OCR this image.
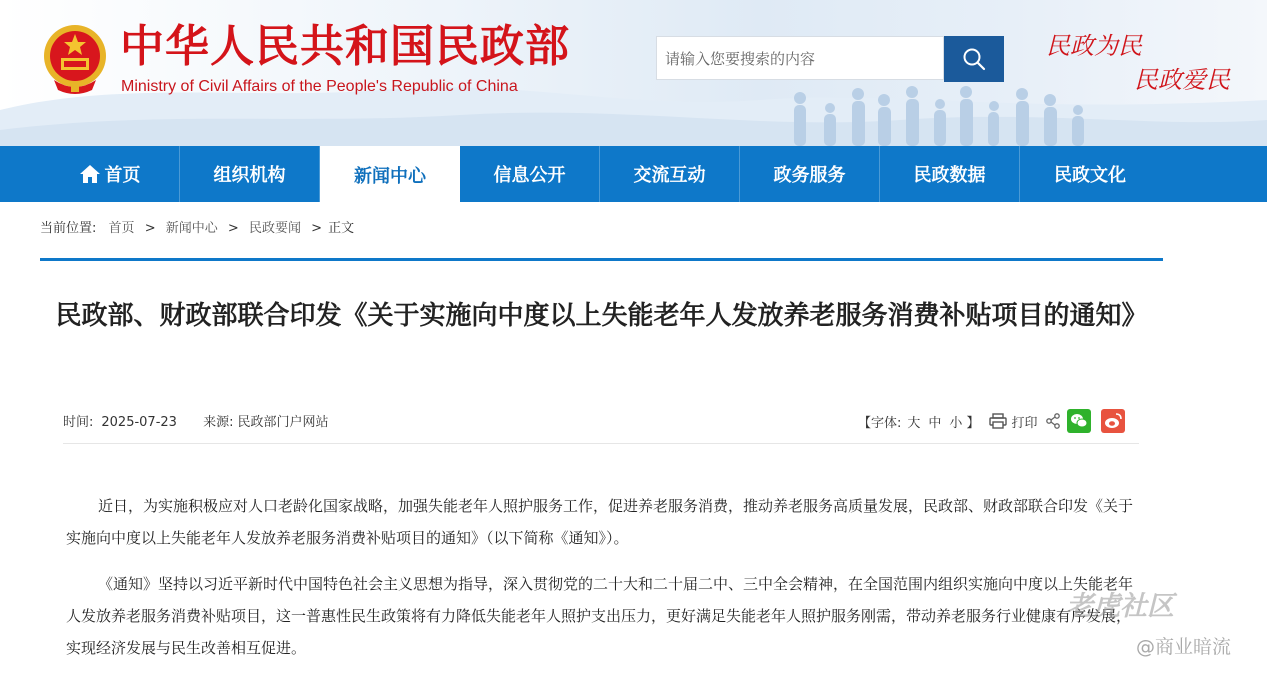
中华人民共和国民政部
Ministry of Civil Affairs of the People's Republic of China
请输入您要搜索的内容
民政为民
民政爱民
首页	组织机构	新闻中心	信息公开	交流互动	政务服务	民政数据	民政文化
当前位置: 首页 > 新闻中心 > 民政要闻 > 正文
民政部、财政部联合印发《关于实施向中度以上失能老年人发放养老服务消费补贴项目的通知》
时间: 2025-07-23 来源: 民政部门户网站	【字体: 大 中 小 】 打印
近日，为实施积极应对人口老龄化国家战略，加强失能老年人照护服务工作，促进养老服务消费，推动养老服务高质量发展，民政部、财政部联合印发《关于实施向中度以上失能老年人发放养老服务消费补贴项目的通知》（以下简称《通知》）。
《通知》坚持以习近平新时代中国特色社会主义思想为指导，深入贯彻党的二十大和二十届二中、三中全会精神，在全国范围内组织实施向中度以上失能老年人发放养老服务消费补贴项目，这一普惠性民生政策将有力降低失能老年人照护支出压力，更好满足失能老年人照护服务刚需，带动养老服务行业健康有序发展，实现经济发展与民生改善相互促进。
老虎社区
@商业暗流
